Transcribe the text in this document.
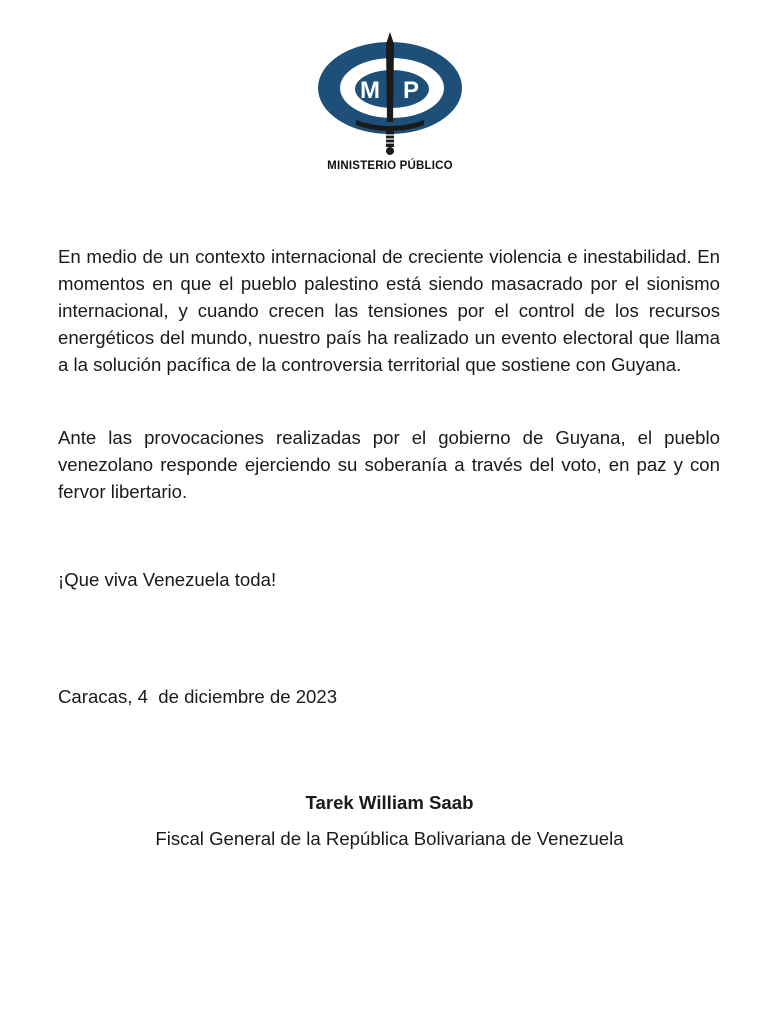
M P
MINISTERIO PÚBLICO

En medio de un contexto internacional de creciente violencia e inestabilidad. En momentos en que el pueblo palestino está siendo masacrado por el sionismo internacional, y cuando crecen las tensiones por el control de los recursos energéticos del mundo, nuestro país ha realizado un evento electoral que llama a la solución pacífica de la controversia territorial que sostiene con Guyana.

Ante las provocaciones realizadas por el gobierno de Guyana, el pueblo venezolano responde ejerciendo su soberanía a través del voto, en paz y con fervor libertario.

¡Que viva Venezuela toda!

Caracas, 4  de diciembre de 2023

Tarek William Saab
Fiscal General de la República Bolivariana de Venezuela
